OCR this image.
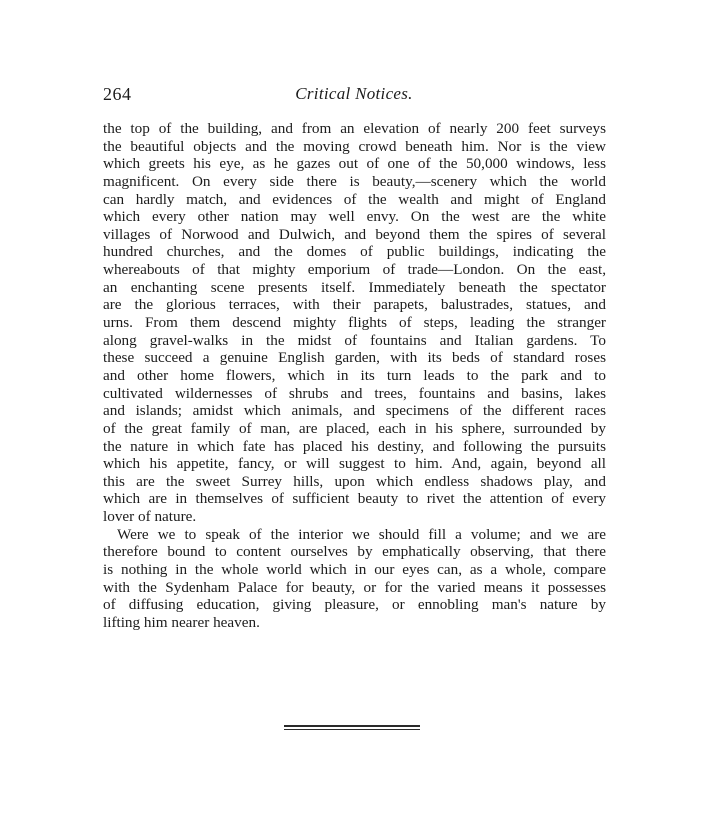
264	Critical Notices.
the top of the building, and from an elevation of nearly 200 feet surveys
the beautiful objects and the moving crowd beneath him. Nor is the view
which greets his eye, as he gazes out of one of the 50,000 windows, less
magnificent. On every side there is beauty,—scenery which the world
can hardly match, and evidences of the wealth and might of England
which every other nation may well envy. On the west are the white
villages of Norwood and Dulwich, and beyond them the spires of several
hundred churches, and the domes of public buildings, indicating the
whereabouts of that mighty emporium of trade—London. On the east,
an enchanting scene presents itself. Immediately beneath the spectator
are the glorious terraces, with their parapets, balustrades, statues, and
urns. From them descend mighty flights of steps, leading the stranger
along gravel-walks in the midst of fountains and Italian gardens. To
these succeed a genuine English garden, with its beds of standard roses
and other home flowers, which in its turn leads to the park and to
cultivated wildernesses of shrubs and trees, fountains and basins, lakes
and islands; amidst which animals, and specimens of the different races
of the great family of man, are placed, each in his sphere, surrounded by
the nature in which fate has placed his destiny, and following the pursuits
which his appetite, fancy, or will suggest to him. And, again, beyond all
this are the sweet Surrey hills, upon which endless shadows play, and
which are in themselves of sufficient beauty to rivet the attention of every
lover of nature.
Were we to speak of the interior we should fill a volume; and we are
therefore bound to content ourselves by emphatically observing, that there
is nothing in the whole world which in our eyes can, as a whole, compare
with the Sydenham Palace for beauty, or for the varied means it possesses
of diffusing education, giving pleasure, or ennobling man's nature by
lifting him nearer heaven.
